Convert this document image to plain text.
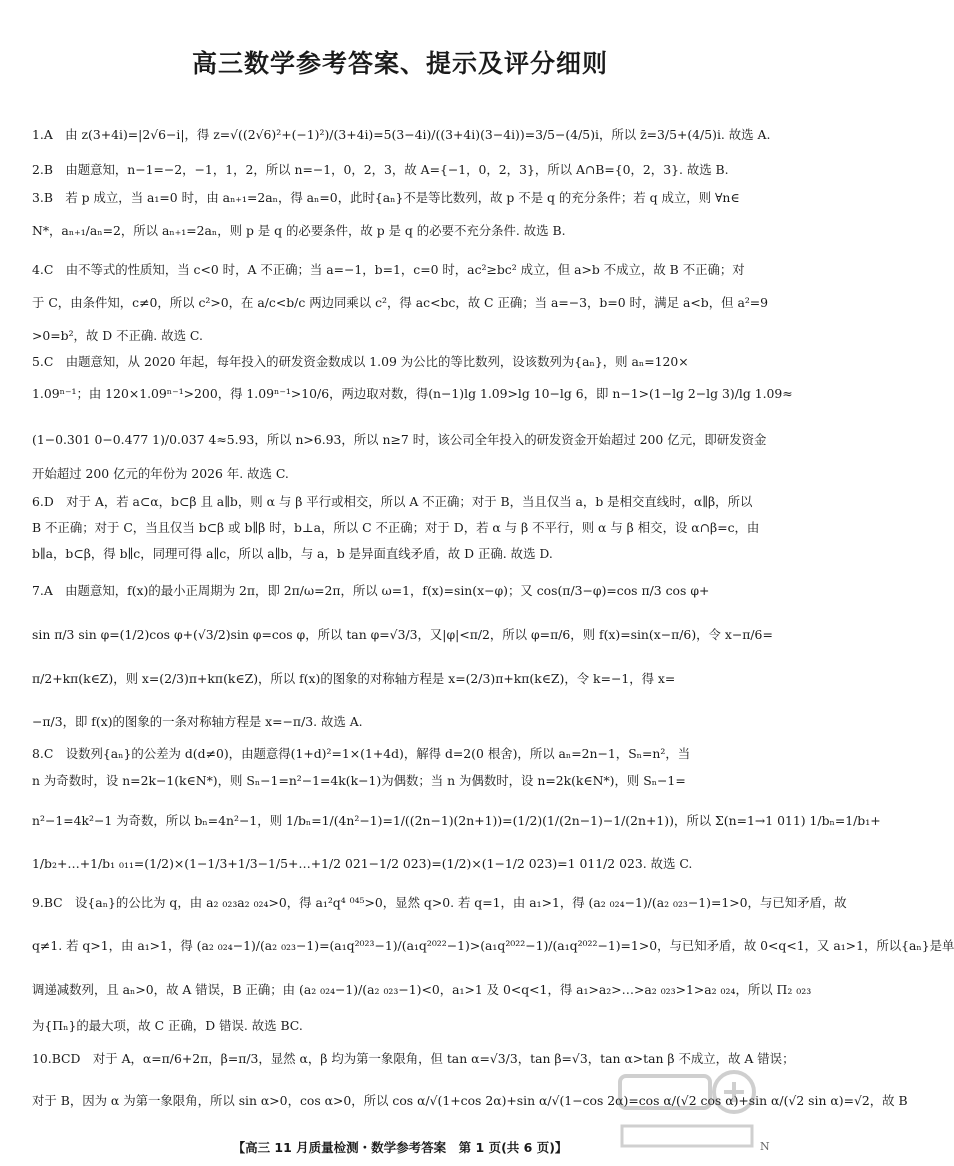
高三数学参考答案、提示及评分细则
1.A　由 z(3+4i)=|2√6−i|，得 z=√((2√6)²+(−1)²)/(3+4i)=5(3−4i)/((3+4i)(3−4i))=3/5−(4/5)i，所以 z̄=3/5+(4/5)i. 故选 A.
2.B　由题意知，n−1=−2，−1，1，2，所以 n=−1，0，2，3，故 A={−1，0，2，3}，所以 A∩B={0，2，3}. 故选 B.
3.B　若 p 成立，当 a₁=0 时，由 aₙ₊₁=2aₙ，得 aₙ=0，此时{aₙ}不是等比数列，故 p 不是 q 的充分条件；若 q 成立，则 ∀n∈
N*，aₙ₊₁/aₙ=2，所以 aₙ₊₁=2aₙ，则 p 是 q 的必要条件，故 p 是 q 的必要不充分条件. 故选 B.
4.C　由不等式的性质知，当 c<0 时，A 不正确；当 a=−1，b=1，c=0 时，ac²≥bc² 成立，但 a>b 不成立，故 B 不正确；对
于 C，由条件知，c≠0，所以 c²>0，在 a/c<b/c 两边同乘以 c²，得 ac<bc，故 C 正确；当 a=−3，b=0 时，满足 a<b，但 a²=9
>0=b²，故 D 不正确. 故选 C.
5.C　由题意知，从 2020 年起，每年投入的研发资金数成以 1.09 为公比的等比数列，设该数列为{aₙ}，则 aₙ=120×
1.09ⁿ⁻¹；由 120×1.09ⁿ⁻¹>200，得 1.09ⁿ⁻¹>10/6，两边取对数，得(n−1)lg 1.09>lg 10−lg 6，即 n−1>(1−lg 2−lg 3)/lg 1.09≈
(1−0.301 0−0.477 1)/0.037 4≈5.93，所以 n>6.93，所以 n≥7 时，该公司全年投入的研发资金开始超过 200 亿元，即研发资金
开始超过 200 亿元的年份为 2026 年. 故选 C.
6.D　对于 A，若 a⊂α，b⊂β 且 a∥b，则 α 与 β 平行或相交，所以 A 不正确；对于 B，当且仅当 a，b 是相交直线时，α∥β，所以
B 不正确；对于 C，当且仅当 b⊂β 或 b∥β 时，b⊥a，所以 C 不正确；对于 D，若 α 与 β 不平行，则 α 与 β 相交，设 α∩β=c，由
b∥a，b⊂β，得 b∥c，同理可得 a∥c，所以 a∥b，与 a，b 是异面直线矛盾，故 D 正确. 故选 D.
7.A　由题意知，f(x)的最小正周期为 2π，即 2π/ω=2π，所以 ω=1，f(x)=sin(x−φ)；又 cos(π/3−φ)=cos π/3 cos φ+
sin π/3 sin φ=(1/2)cos φ+(√3/2)sin φ=cos φ，所以 tan φ=√3/3，又|φ|<π/2，所以 φ=π/6，则 f(x)=sin(x−π/6)，令 x−π/6=
π/2+kπ(k∈Z)，则 x=(2/3)π+kπ(k∈Z)，所以 f(x)的图象的对称轴方程是 x=(2/3)π+kπ(k∈Z)，令 k=−1，得 x=
−π/3，即 f(x)的图象的一条对称轴方程是 x=−π/3. 故选 A.
8.C　设数列{aₙ}的公差为 d(d≠0)，由题意得(1+d)²=1×(1+4d)，解得 d=2(0 根舍)，所以 aₙ=2n−1，Sₙ=n²，当
n 为奇数时，设 n=2k−1(k∈N*)，则 Sₙ−1=n²−1=4k(k−1)为偶数；当 n 为偶数时，设 n=2k(k∈N*)，则 Sₙ−1=
n²−1=4k²−1 为奇数，所以 bₙ=4n²−1，则 1/bₙ=1/(4n²−1)=1/((2n−1)(2n+1))=(1/2)(1/(2n−1)−1/(2n+1))，所以 Σ(n=1→1 011) 1/bₙ=1/b₁+
1/b₂+…+1/b₁ ₀₁₁=(1/2)×(1−1/3+1/3−1/5+…+1/2 021−1/2 023)=(1/2)×(1−1/2 023)=1 011/2 023. 故选 C.
9.BC　设{aₙ}的公比为 q，由 a₂ ₀₂₃a₂ ₀₂₄>0，得 a₁²q⁴ ⁰⁴⁵>0，显然 q>0. 若 q=1，由 a₁>1，得 (a₂ ₀₂₄−1)/(a₂ ₀₂₃−1)=1>0，与已知矛盾，故
q≠1. 若 q>1，由 a₁>1，得 (a₂ ₀₂₄−1)/(a₂ ₀₂₃−1)=(a₁q²⁰²³−1)/(a₁q²⁰²²−1)>(a₁q²⁰²²−1)/(a₁q²⁰²²−1)=1>0，与已知矛盾，故 0<q<1，又 a₁>1，所以{aₙ}是单
调递减数列，且 aₙ>0，故 A 错误，B 正确；由 (a₂ ₀₂₄−1)/(a₂ ₀₂₃−1)<0，a₁>1 及 0<q<1，得 a₁>a₂>…>a₂ ₀₂₃>1>a₂ ₀₂₄，所以 Π₂ ₀₂₃
为{Πₙ}的最大项，故 C 正确，D 错误. 故选 BC.
10.BCD　对于 A，α=π/6+2π，β=π/3，显然 α，β 均为第一象限角，但 tan α=√3/3，tan β=√3，tan α>tan β 不成立，故 A 错误；
对于 B，因为 α 为第一象限角，所以 sin α>0，cos α>0，所以 cos α/√(1+cos 2α)+sin α/√(1−cos 2α)=cos α/(√2 cos α)+sin α/(√2 sin α)=√2，故 B
【高三 11 月质量检测・数学参考答案　第 1 页(共 6 页)】	N
